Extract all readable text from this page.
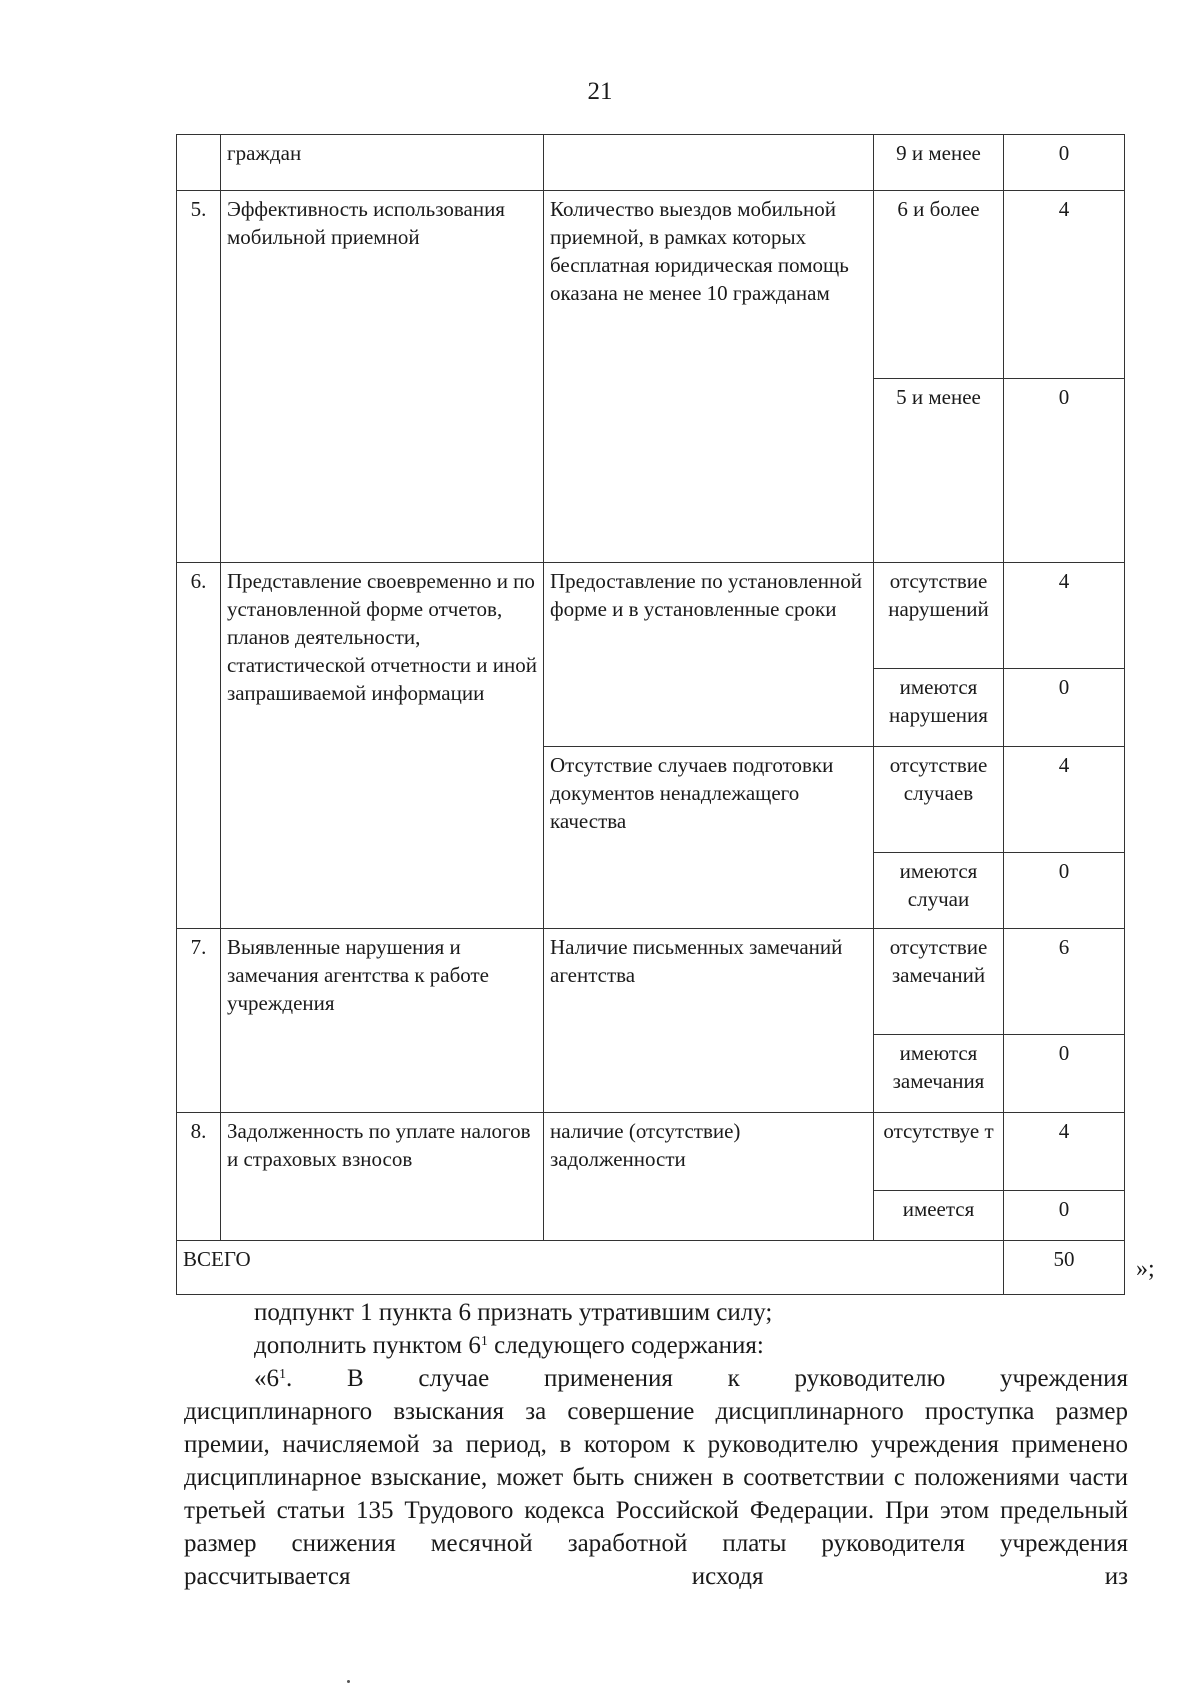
21
	граждан		9 и менее	0
5.	Эффективность использования мобильной приемной	Количество выездов мобильной приемной, в рамках которых бесплатная юридическая помощь оказана не менее 10 гражданам	6 и более	4
			5 и менее	0
6.	Представление своевременно и по установленной форме отчетов, планов деятельности, статистической отчетности и иной запрашиваемой информации	Предоставление по установленной форме и в установленные сроки	отсутствие нарушений	4
			имеются нарушения	0
		Отсутствие случаев подготовки документов ненадлежащего качества	отсутствие случаев	4
			имеются случаи	0
7.	Выявленные нарушения и замечания агентства к работе учреждения	Наличие письменных замечаний агентства	отсутствие замечаний	6
			имеются замечания	0
8.	Задолженность по уплате налогов и страховых взносов	наличие (отсутствие) задолженности	отсутствуе т	4
			имеется	0
ВСЕГО				50	»;

подпункт 1 пункта 6 признать утратившим силу;

дополнить пунктом $6^1$ следующего содержания:

«$6^1$. В случае применения к руководителю учреждения

дисциплинарного взыскания за совершение дисциплинарного проступка размер премии, начисляемой за период, в котором к руководителю учреждения применено дисциплинарное взыскание, может быть снижен в соответствии с положениями части третьей статьи 135 Трудового кодекса Российской Федерации. При этом предельный размер снижения месячной заработной платы руководителя учреждения рассчитывается исходя из
